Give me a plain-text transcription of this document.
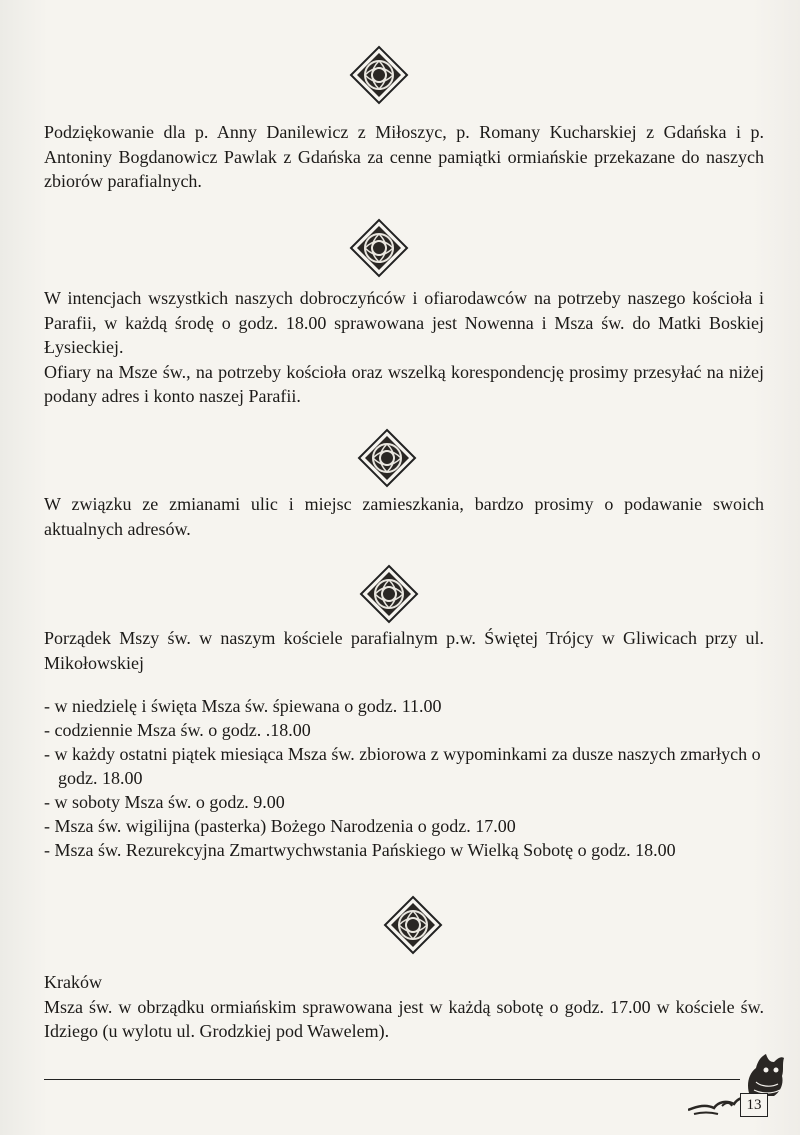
Podziękowanie dla p. Anny Danilewicz z Miłoszyc, p. Romany Kucharskiej z Gdańska i p. Antoniny Bogdanowicz Pawlak z Gdańska za cenne pamiątki ormiańskie przekazane do naszych zbiorów parafialnych.

W intencjach wszystkich naszych dobroczyńców i ofiarodawców na potrzeby naszego kościoła i Parafii, w każdą środę o godz. 18.00 sprawowana jest Nowenna i Msza św. do Matki Boskiej Łysieckiej.

Ofiary na Msze św., na potrzeby kościoła oraz wszelką korespondencję prosimy przesyłać na niżej podany adres i konto naszej Parafii.

W związku ze zmianami ulic i miejsc zamieszkania, bardzo prosimy o podawanie swoich aktualnych adresów.

Porządek Mszy św. w naszym kościele parafialnym p.w. Świętej Trójcy w Gliwicach przy ul. Mikołowskiej

- w niedzielę i święta Msza św. śpiewana o godz. 11.00
- codziennie Msza św. o godz. .18.00
- w każdy ostatni piątek miesiąca Msza św. zbiorowa z wypominkami za dusze naszych zmarłych o godz. 18.00
- w soboty Msza św. o godz. 9.00
- Msza św. wigilijna (pasterka) Bożego Narodzenia o godz. 17.00
- Msza św. Rezurekcyjna Zmartwychwstania Pańskiego w Wielką Sobotę o godz. 18.00

Kraków

Msza św. w obrządku ormiańskim sprawowana jest w każdą sobotę o godz. 17.00 w kościele św. Idziego (u wylotu ul. Grodzkiej pod Wawelem).

13
